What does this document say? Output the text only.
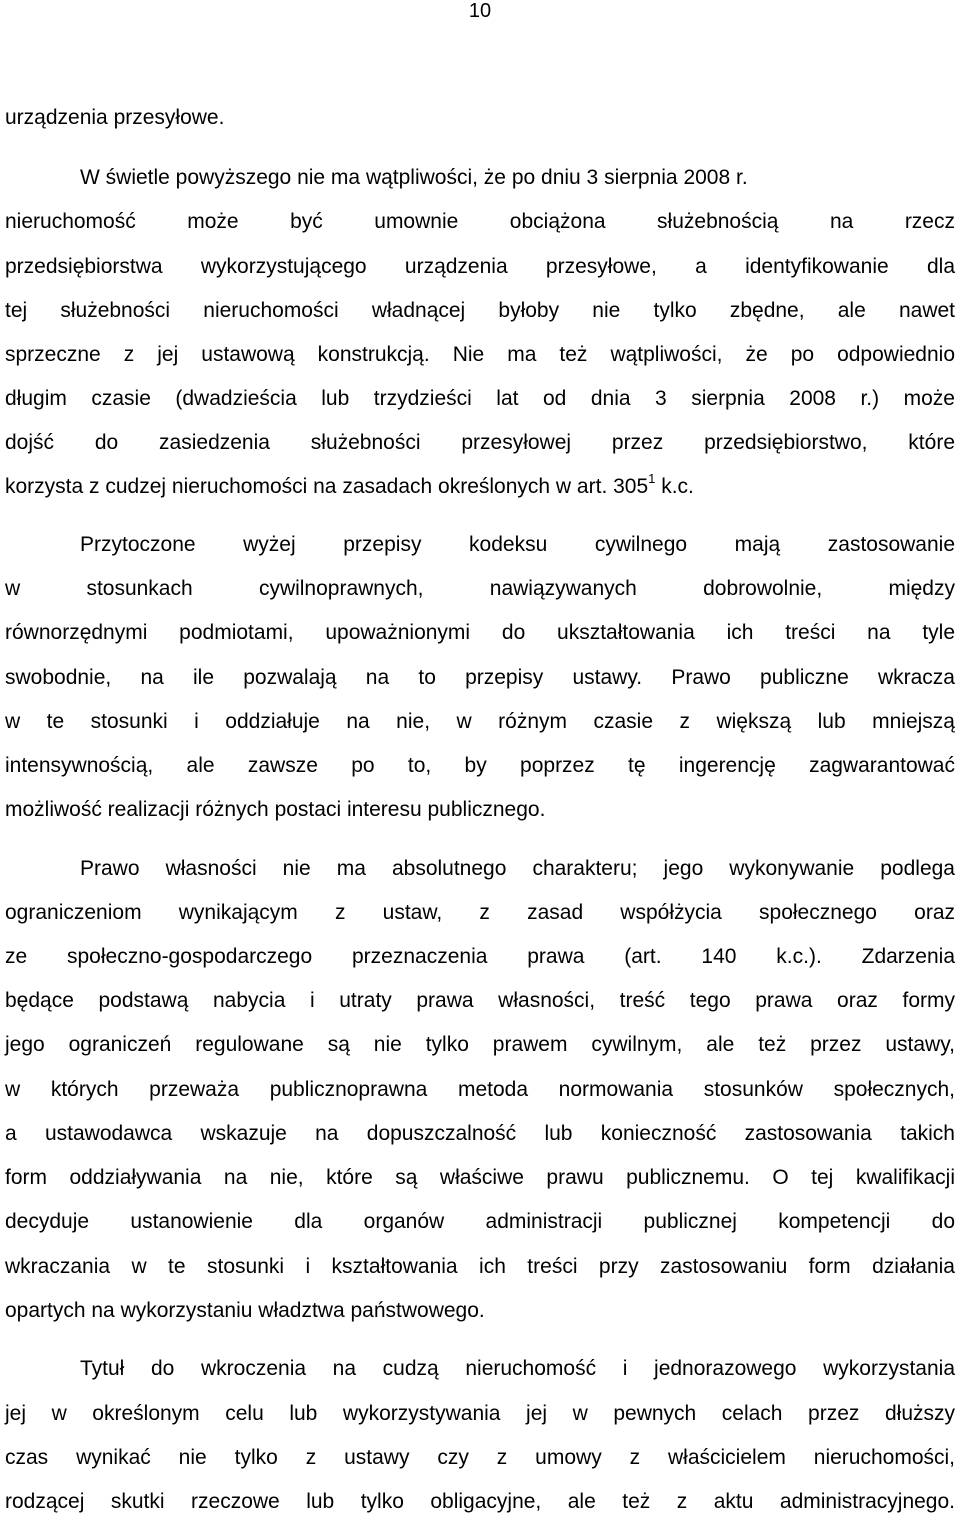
10
urządzenia przesyłowe.
W świetle powyższego nie ma wątpliwości, że po dniu 3 sierpnia 2008 r.
nieruchomość może być umownie obciążona służebnością na rzecz
przedsiębiorstwa wykorzystującego urządzenia przesyłowe, a identyfikowanie dla
tej służebności nieruchomości władnącej byłoby nie tylko zbędne, ale nawet
sprzeczne z jej ustawową konstrukcją. Nie ma też wątpliwości, że po odpowiednio
długim czasie (dwadzieścia lub trzydzieści lat od dnia 3 sierpnia 2008 r.) może
dojść do zasiedzenia służebności przesyłowej przez przedsiębiorstwo, które
korzysta z cudzej nieruchomości na zasadach określonych w art. $305^1$ k.c.
Przytoczone wyżej przepisy kodeksu cywilnego mają zastosowanie
w stosunkach cywilnoprawnych, nawiązywanych dobrowolnie, między
równorzędnymi podmiotami, upoważnionymi do ukształtowania ich treści na tyle
swobodnie, na ile pozwalają na to przepisy ustawy. Prawo publiczne wkracza
w te stosunki i oddziałuje na nie, w różnym czasie z większą lub mniejszą
intensywnością, ale zawsze po to, by poprzez tę ingerencję zagwarantować
możliwość realizacji różnych postaci interesu publicznego.
Prawo własności nie ma absolutnego charakteru; jego wykonywanie podlega
ograniczeniom wynikającym z ustaw, z zasad współżycia społecznego oraz
ze społeczno-gospodarczego przeznaczenia prawa (art. 140 k.c.). Zdarzenia
będące podstawą nabycia i utraty prawa własności, treść tego prawa oraz formy
jego ograniczeń regulowane są nie tylko prawem cywilnym, ale też przez ustawy,
w których przeważa publicznoprawna metoda normowania stosunków społecznych,
a ustawodawca wskazuje na dopuszczalność lub konieczność zastosowania takich
form oddziaływania na nie, które są właściwe prawu publicznemu. O tej kwalifikacji
decyduje ustanowienie dla organów administracji publicznej kompetencji do
wkraczania w te stosunki i kształtowania ich treści przy zastosowaniu form działania
opartych na wykorzystaniu władztwa państwowego.
Tytuł do wkroczenia na cudzą nieruchomość i jednorazowego wykorzystania
jej w określonym celu lub wykorzystywania jej w pewnych celach przez dłuższy
czas wynikać nie tylko z ustawy czy z umowy z właścicielem nieruchomości,
rodzącej skutki rzeczowe lub tylko obligacyjne, ale też z aktu administracyjnego.
